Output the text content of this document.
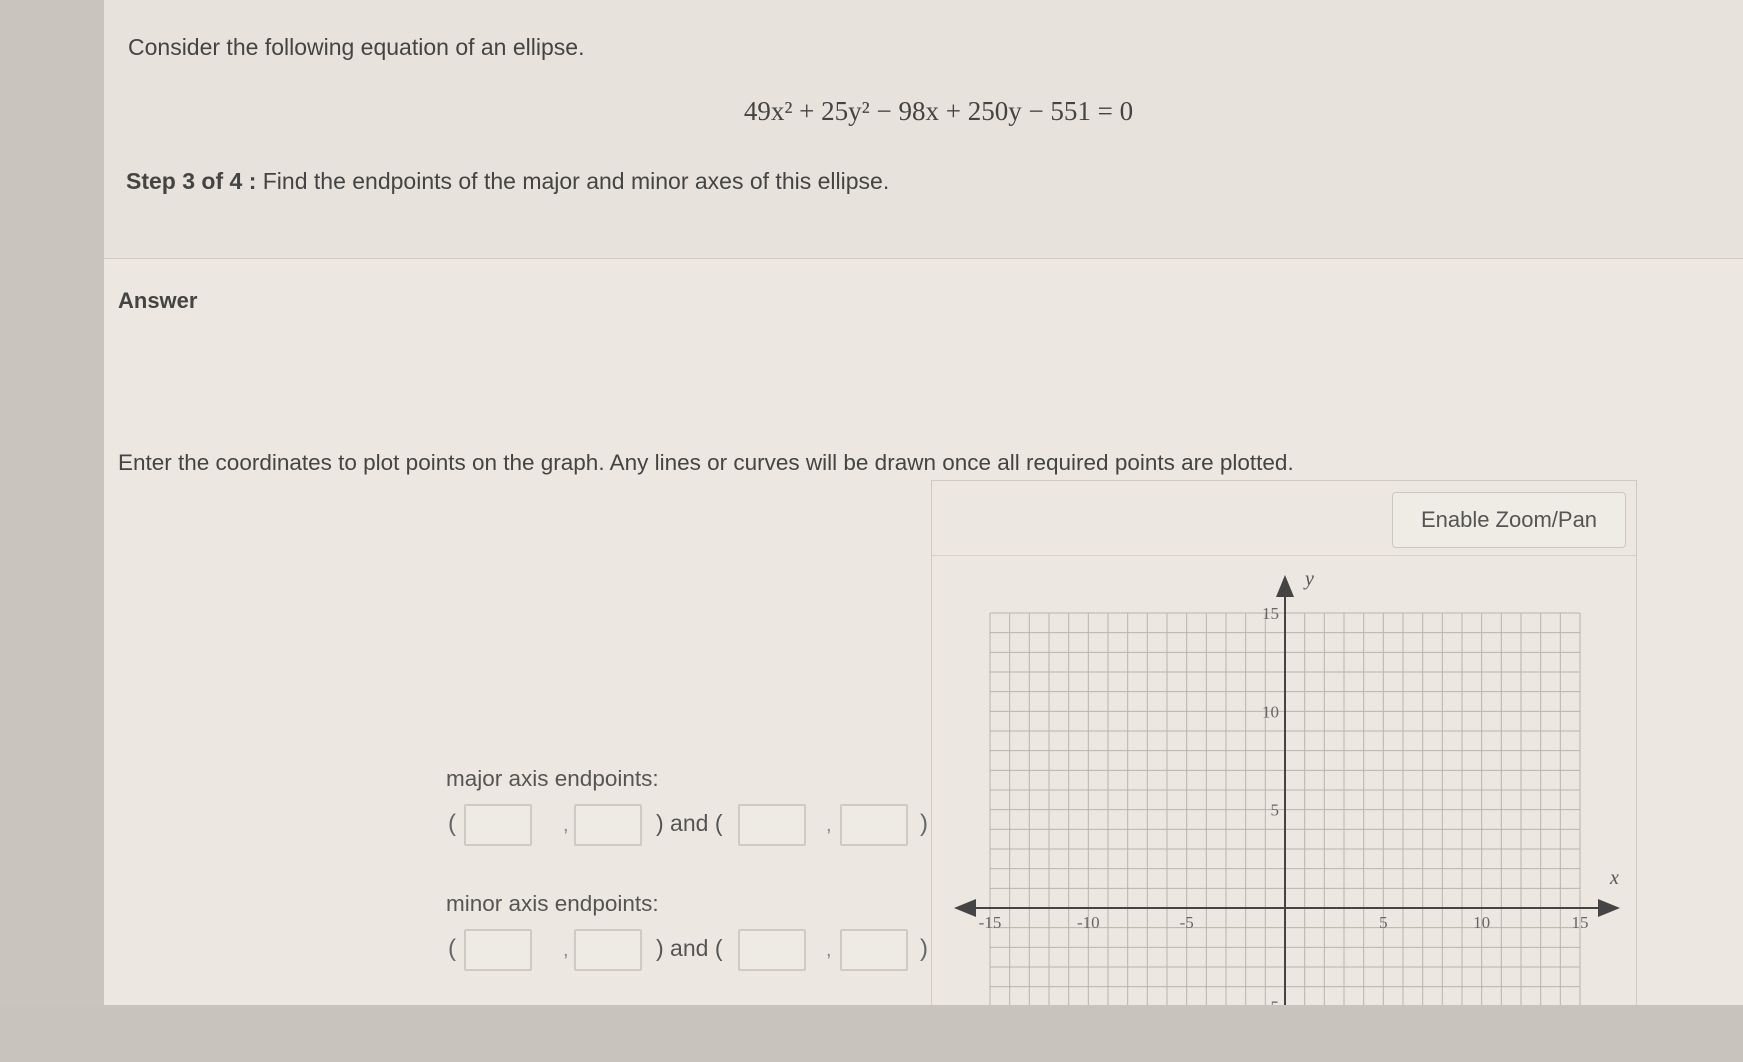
Consider the following equation of an ellipse.
49x² + 25y² − 98x + 250y − 551 = 0
Step 3 of 4 : Find the endpoints of the major and minor axes of this ellipse.
Answer
Enter the coordinates to plot points on the graph. Any lines or curves will be drawn once all required points are plotted.
major axis endpoints:
(	,	) and (	,	)
minor axis endpoints:
(	,	) and (	,	)
Enable Zoom/Pan
x
y
-15	-10	-5	5	10	15
15
10
5
